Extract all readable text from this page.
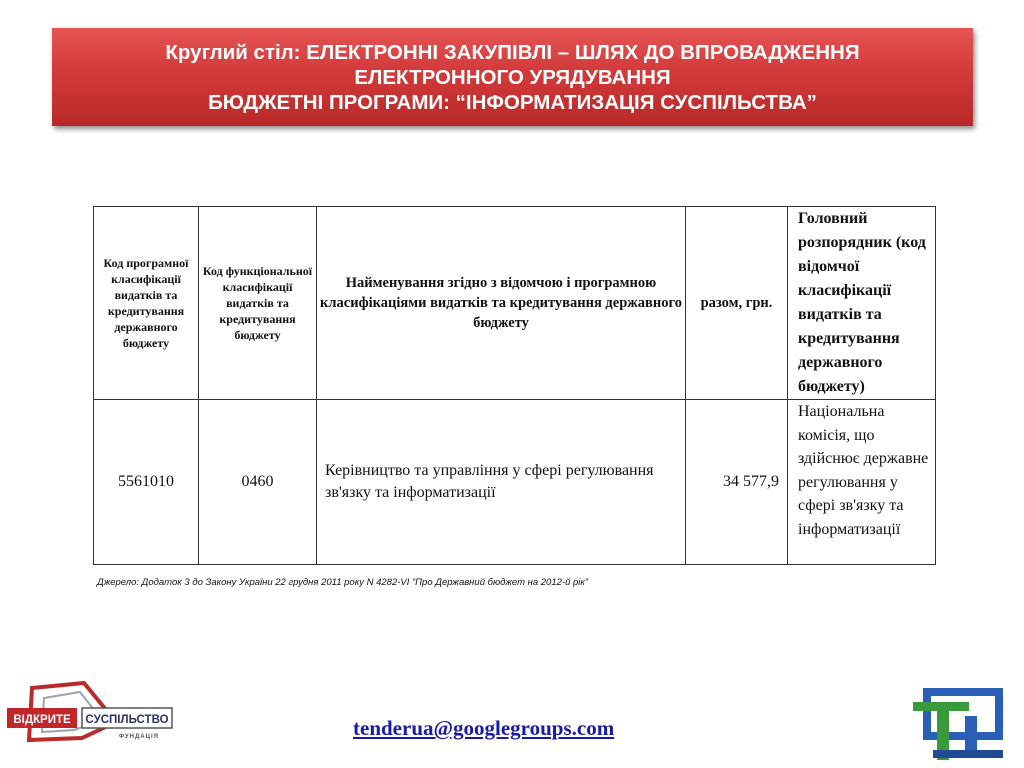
Круглий стіл: ЕЛЕКТРОННІ ЗАКУПІВЛІ – ШЛЯХ ДО ВПРОВАДЖЕННЯ
ЕЛЕКТРОННОГО УРЯДУВАННЯ
БЮДЖЕТНІ ПРОГРАМИ: “ІНФОРМАТИЗАЦІЯ СУСПІЛЬСТВА”
Код програмної класифікації видатків та кредитування державного бюджету	Код функціональної класифікації видатків та кредитування бюджету	Найменування згідно з відомчою і програмною класифікаціями видатків та кредитування державного бюджету	разом, грн.	Головний розпорядник (код відомчої класифікації видатків та кредитування державного бюджету)
5561010	0460	Керівництво та управління у сфері регулювання зв'язку та інформатизації	34 577,9	Національна комісія, що здійснює державне регулювання у сфері зв'язку та інформатизації
Джерело: Додаток 3 до Закону України 22 грудня 2011 року N 4282-VI “Про Державний бюджет на 2012-й рік”
ВІДКРИТЕ СУСПІЛЬСТВО
ФУНДАЦІЯ	tenderua@googlegroups.com
